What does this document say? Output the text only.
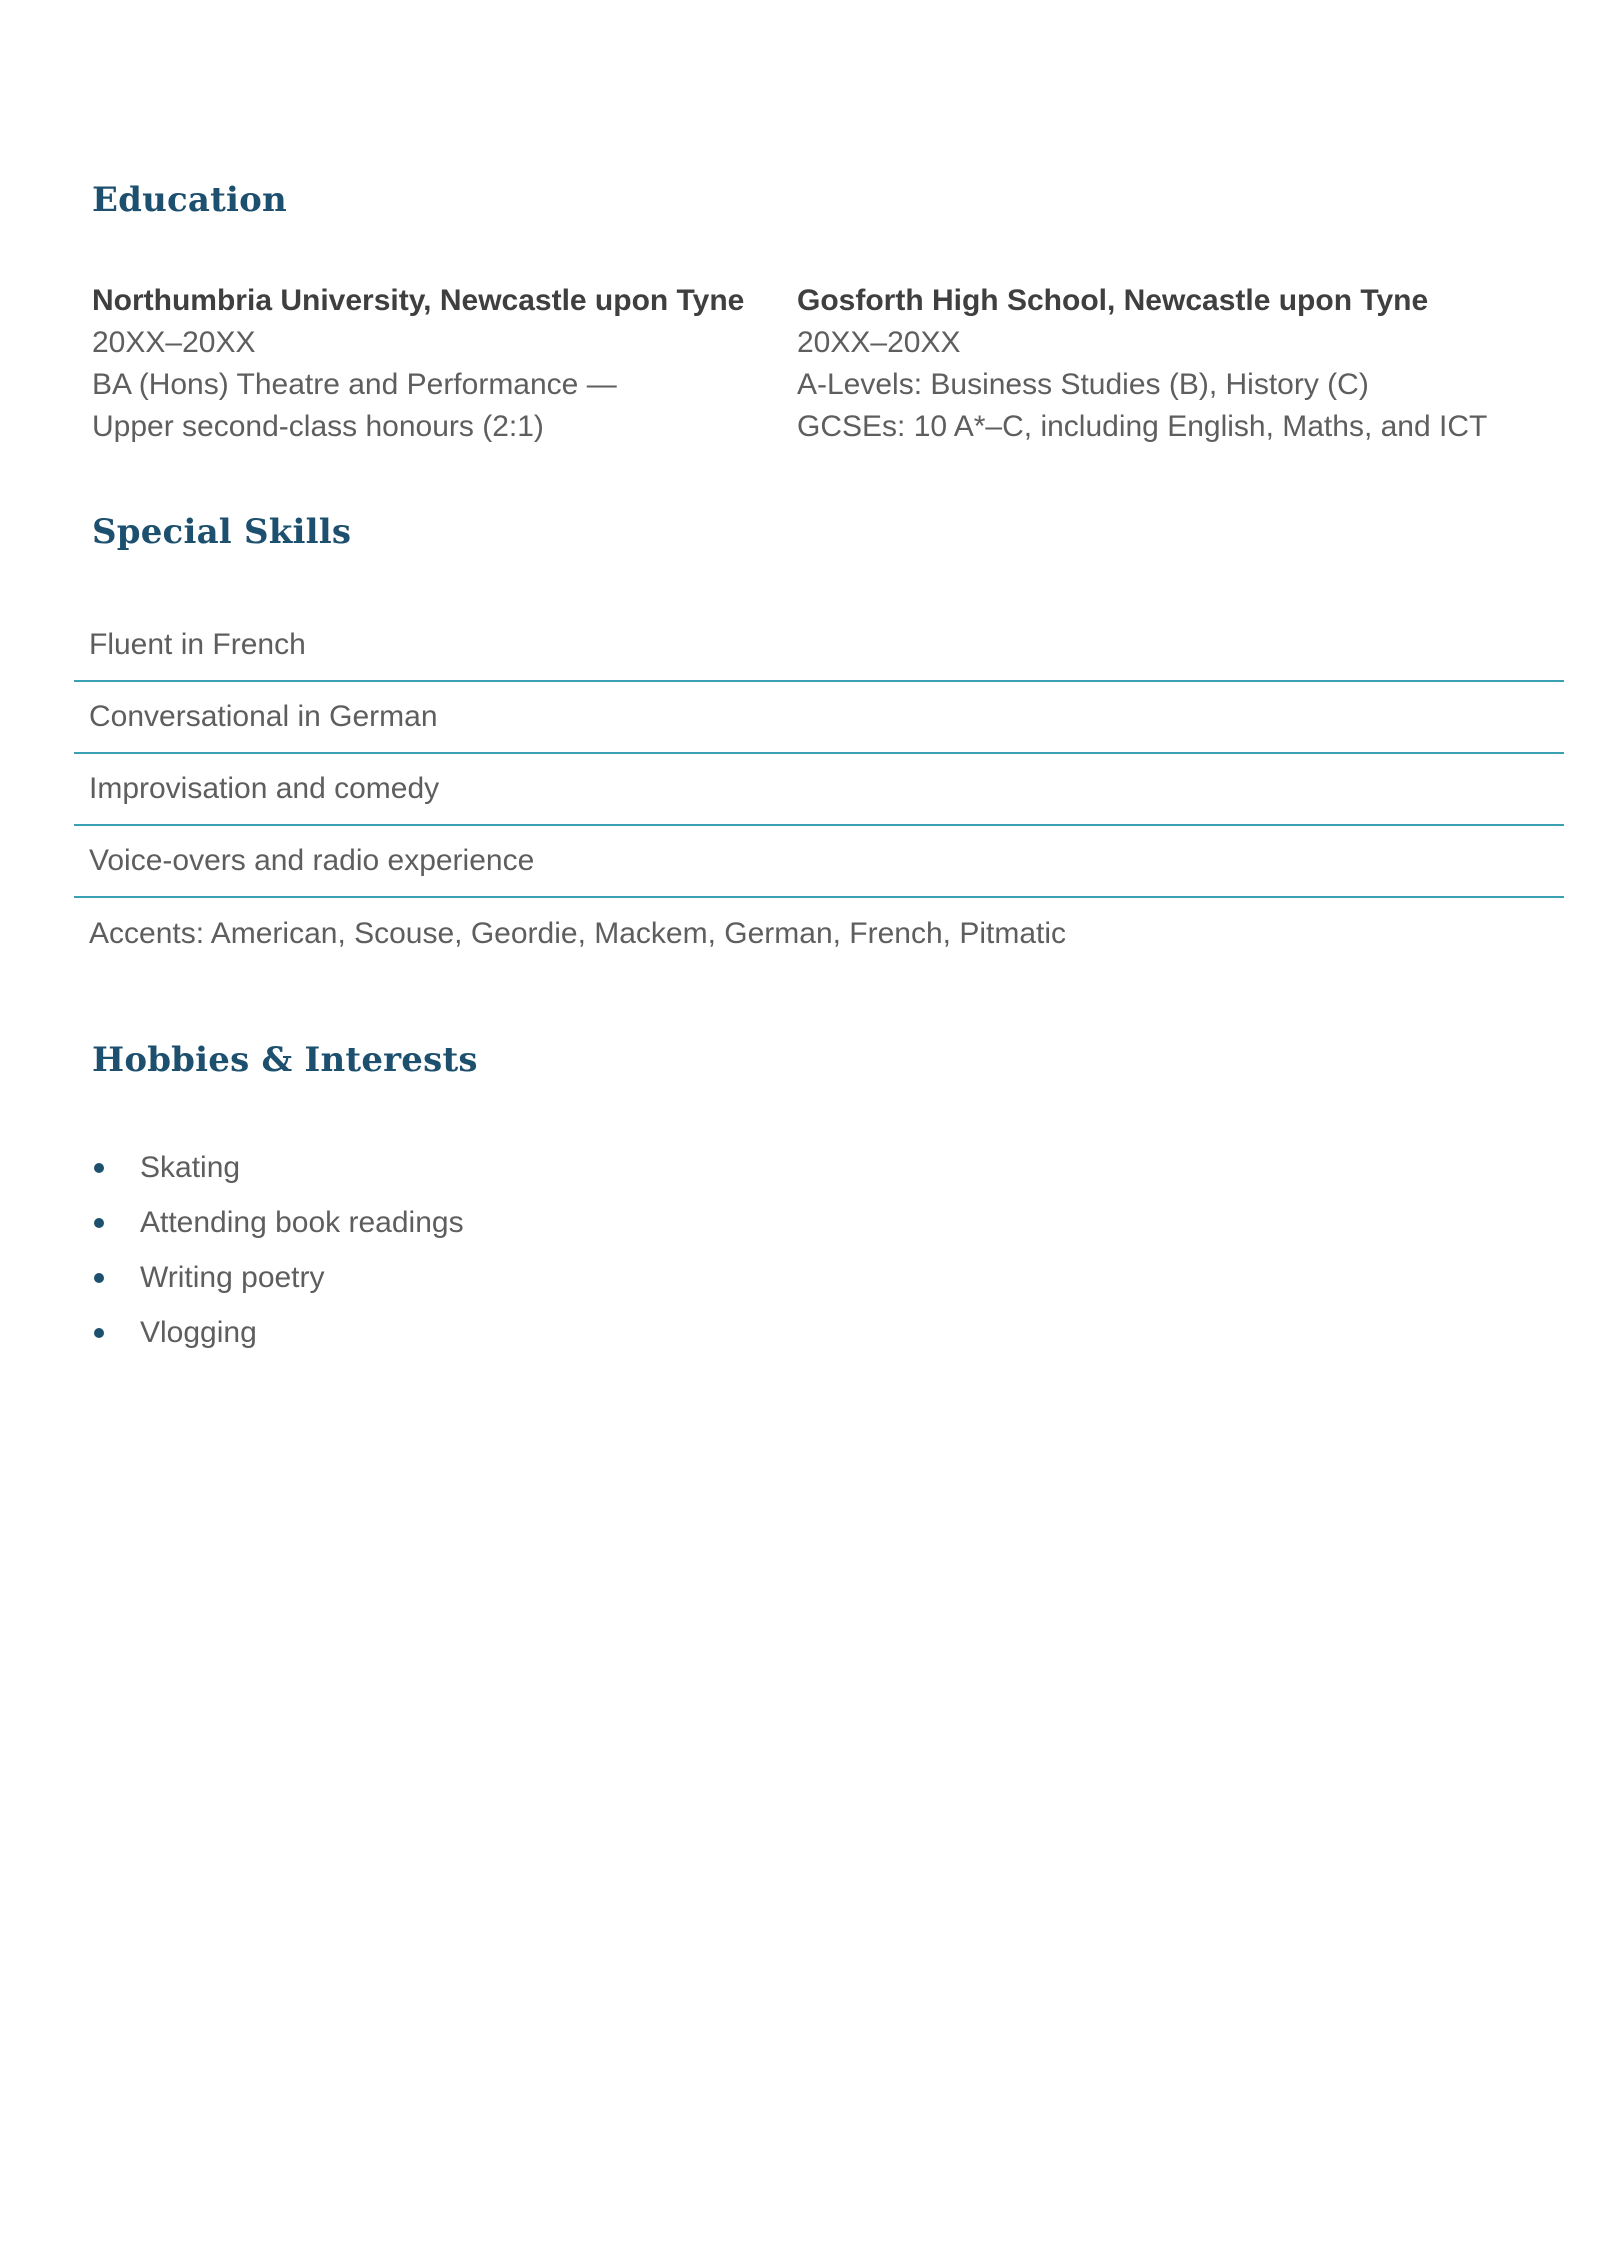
Education
Northumbria University, Newcastle upon Tyne
20XX–20XX
BA (Hons) Theatre and Performance —
Upper second-class honours (2:1)
Gosforth High School, Newcastle upon Tyne
20XX–20XX
A-Levels: Business Studies (B), History (C)
GCSEs: 10 A*–C, including English, Maths, and ICT
Special Skills
Fluent in French
Conversational in German
Improvisation and comedy
Voice-overs and radio experience
Accents: American, Scouse, Geordie, Mackem, German, French, Pitmatic
Hobbies & Interests
Skating
Attending book readings
Writing poetry
Vlogging
